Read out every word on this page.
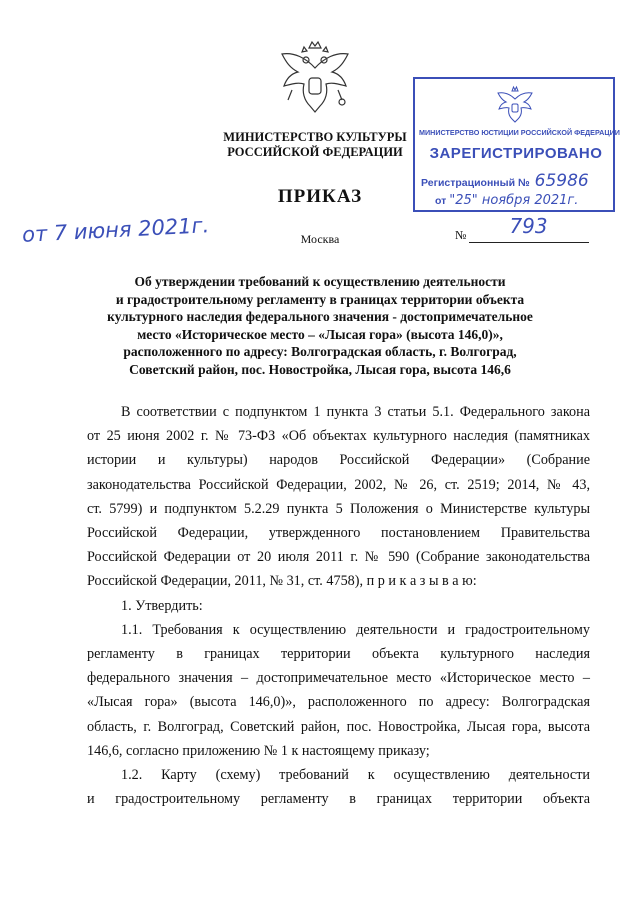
МИНИСТЕРСТВО КУЛЬТУРЫ
РОССИЙСКОЙ ФЕДЕРАЦИИ
ПРИКАЗ
Москва
от 7 июня 2021г.	№ 793
МИНИСТЕРСТВО ЮСТИЦИИ РОССИЙСКОЙ ФЕДЕРАЦИИ
ЗАРЕГИСТРИРОВАНО
Регистрационный № 65986
от "25" ноября 2021г.
Об утверждении требований к осуществлению деятельности
и градостроительному регламенту в границах территории объекта
культурного наследия федерального значения - достопримечательное
место «Историческое место – «Лысая гора» (высота 146,0)»,
расположенного по адресу: Волгоградская область, г. Волгоград,
Советский район, пос. Новостройка, Лысая гора, высота 146,6
В соответствии с подпунктом 1 пункта 3 статьи 5.1. Федерального закона
от 25 июня 2002 г. № 73-ФЗ «Об объектах культурного наследия (памятниках
истории и культуры) народов Российской Федерации» (Собрание
законодательства Российской Федерации, 2002, № 26, ст. 2519; 2014, № 43,
ст. 5799) и подпунктом 5.2.29 пункта 5 Положения о Министерстве культуры
Российской Федерации, утвержденного постановлением Правительства
Российской Федерации от 20 июля 2011 г. № 590 (Собрание законодательства
Российской Федерации, 2011, № 31, ст. 4758), п р и к а з ы в а ю:
1. Утвердить:
1.1. Требования к осуществлению деятельности и градостроительному
регламенту в границах территории объекта культурного наследия
федерального значения – достопримечательное место «Историческое место –
«Лысая гора» (высота 146,0)», расположенного по адресу: Волгоградская
область, г. Волгоград, Советский район, пос. Новостройка, Лысая гора, высота
146,6, согласно приложению № 1 к настоящему приказу;
1.2. Карту (схему) требований к осуществлению деятельности
и градостроительному регламенту в границах территории объекта
